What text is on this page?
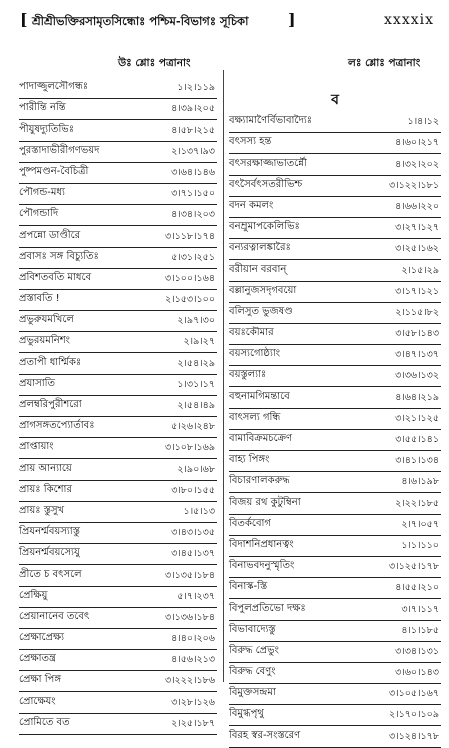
[ শ্রীশ্রীভক্তিরসামৃতসিন্ধোঃ পশ্চিম-বিভাগঃ সূচিকা ]	xxxxix
উঃ শ্লোঃ পত্রানাং	লঃ শ্লোঃ পত্রানাং
পাদাজ্জুলসৌগন্ধঃ	১।২।১১৯
পারীন্তি নন্তি	৪।৩৯।২০৫
পীযুষদ্যুতিভিঃ	৪।৫৮।২১৫
পুরস্তাদাভীরীগণভয়দ	২।১৩৭।৯৩
পুষ্পমণ্ডন-বৈচিত্রী	৩।৬৪।১৪৬
পৌগন্ড-মধ্য	৩।৭১।১৫০
পৌগন্ডাদি	৪।৩৪।২০৩
প্রপন্নো ডাণ্ডীরে	৩।১১৮।১৭৪
প্রবাসঃ সঙ্গ বিচ্যুতিঃ	৫।৩১।২৫১
প্রবিশতবতি মাধবে	৩।১০০।১৬৪
প্রস্তাবতি !	২।১৫৩।১০০
প্রভুরুযমখিলে	২।৯৭।৩০
প্রভুরয়মনিশং	২।৯।২৭
প্রতাপী ধার্শ্মিকঃ	২।৫৪।২৯
প্রযাসাতি	১।৩১।১৭
প্রলম্বরিপুরীশরো	২।৫৪।৪৯
প্রাগসঙ্গতপ্যোর্তাবঃ	৫।২৬।২৪৮
প্রাপ্তায়াং	৩।১০৮।১৬৯
প্রায় আন্যায়ে	২।৯০।৬৮
প্রায়ঃ কিশোর	৩।৮০।১৫৫
প্রায়ঃ স্তুসুখ	১।৫।১৩
প্রিযনর্শ্মবয়স্যাস্তু	৩।৪৩।১৩৫
প্রিয়নর্শ্মবয়স্যেযু	৩।৪৫।১৩৭
প্রীতে চ বৎসলে	৩।১৩৫।১৮৪
প্রেক্ষিয়ু	৫।৭।২৩৭
প্রেয়ানানেব তবেৎ	৩।১৩৬।১৮৪
প্রেক্ষাপ্রেক্ষ্য	৪।৪০।২০৬
প্রেক্ষাতন্ত্র	৪।৫৬।২১৩
প্রেক্ষা পিঙ্গ	৩।২২২।১৮৬
প্রোক্ষেযং	৩।২৮।১২৬
প্রোমিতে বত	২।২৫।১৮৭
ব
বক্ষ্যামাণৈর্বিভাবাদ্যৈঃ	১।৪।১২
বৎসস্য হন্ত	৪।৬০।২১৭
বৎসরক্ষাজ্জাভাতর্ন্নৌ	৪।৩২।২০২
বৎসৈর্বৎসতরীভিশ্চ	৩।১২২।১৮১
বদন কমলং	৪।৬৬।২২০
বনম্রুমাপকেলিভিঃ	৩।২৭।১২৭
বন্যরত্নালঙ্কারৈঃ	৩।২৫।১৬২
বরীয়ান বরবান্	২।১৫।২৯
বল্লানুজসদৃগবয়ো	৩।১৭।১২১
বলিসুত ভুজষণ্ড	২।১১৫।৮২
বয়ঃকৌমার	৩।৫৮।১৪৩
বয়স্যগোষ্ঠ্যাং	৩।৪৭।১৩৭
বয়স্তুল্যাঃ	৩।৩৬।১৩২
বহুনামগিমন্তাবে	৪।৬৪।২১৯
বাৎসল্য গন্ধি	৩।২১।১২৫
বামাবিক্রমচক্রেণ	৩।৫৫।১৪১
বাহ্য পিঙ্গং	৩।৪১।১৩৪
বিচারণালকরুদ্ধ	৪।৬।১৯৮
বিজয় রথ কুটুম্বিনা	২।২২।১৮৫
বিতর্কবোগ	২।৭।০৫৭
বিদাশনিপ্রধানত্বং	১।১।১১০
বিনাভবদনুস্মৃতিং	৩।১২৫।১৭৮
বিনাস্ক-স্তি	৪।৫৫।২১০
বিপুলপ্রতিভো দক্ষঃ	৩।৭।১১৭
বিভাবাদ্যেস্তু	৪।১।১৮৫
বিরুদ্ধ প্রেভুং	৩।৩৪।১৩১
বিরুদ্ধ বেণুং	৩।৬০।১৪৩
বিমুক্তসন্দ্রমা	৩।১০৫।১৬৭
বিমুগ্ধপৃথু	২।১৭০।১০৯
বিরহ স্বর-সংস্তরেণ	৩।১২৪।১৭৮
